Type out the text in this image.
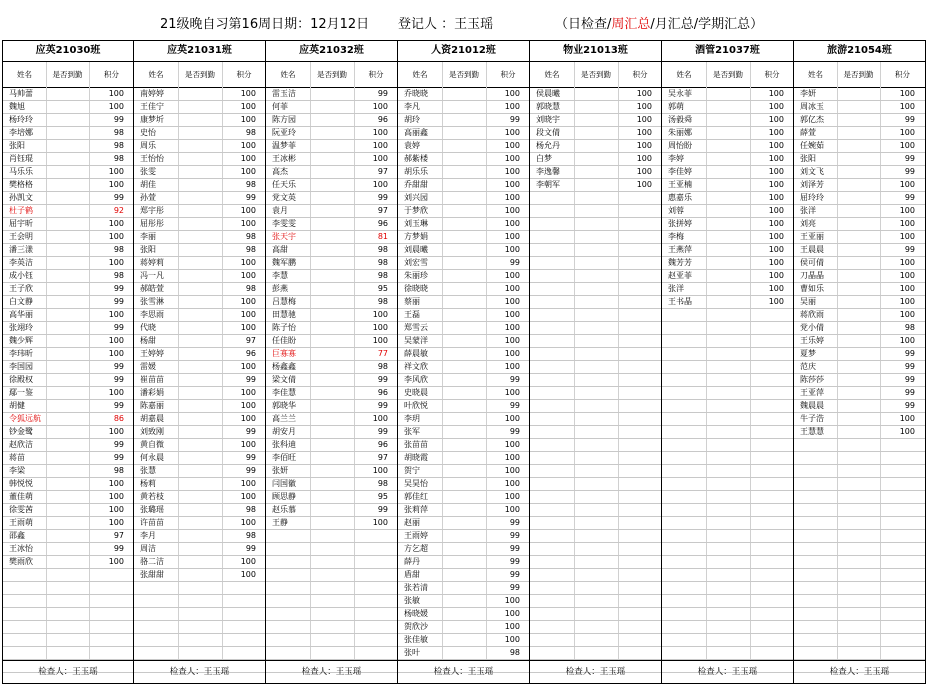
21级晚自习第16周日期：12月12日 登记人 ：王玉瑶	（日检查/周汇总/月汇总/学期汇总）
应英21030班
姓名	是否到勤	积分
马帅蕾	100
魏旭	100
杨玲玲	99
李培娜	98
张阳	98
肖钰琨	98
马乐乐	100
樊格格	100
孙凯文	99
杜子鹤	92
屈宇昕	100
王会明	100
潘三漾	98
李英洁	100
成小钰	98
王子欣	99
白文静	99
高华丽	100
张翊玲	99
魏少辉	100
李玮昕	100
李国园	99
徐殿权	99
鄢一鉴	100
胡健	99
令狐远航	86
钞金鹭	100
赵欣洁	99
蒋苗	99
李梁	98
韩悦悦	100
董佳萌	100
徐雯茜	100
王雨萌	100
邵鑫	97
王冰怡	99
樊雨欣	100
检查人：王玉瑶
应英21031班
姓名	是否到勤	积分
南婷婷	100
王佳宁	100
康梦圻	100
史怡	98
周乐	100
王怡怡	100
张雯	100
胡佳	98
孙萱	99
郑宇彤	100
屈彤彤	100
李丽	98
张阳	98
蒋婷莉	100
冯一凡	100
郝皓萱	98
张雪淋	100
李思雨	100
代晓	100
杨甜	97
王婷婷	96
雷媛	100
崔苗苗	99
潘彩娟	100
陈嘉丽	100
胡嘉晨	100
刘致刚	99
黄自微	100
何永晨	99
张慧	99
杨莉	100
黄若枝	100
张璐瑶	98
许苗苗	100
李月	98
周洁	99
骆二洁	100
张甜甜	100
检查人：王玉瑶
应英21032班
姓名	是否到勤	积分
雷玉洁	99
何菲	100
陈方园	96
阮亚玲	100
温梦菲	100
王冰彬	100
高杰	97
任天乐	100
党文英	99
袁月	97
李雯雯	96
张天宇	81
高甜	98
魏军鹏	98
李慧	98
彭燕	95
吕慧梅	98
田慧驰	100
陈子怡	100
任佳盼	100
巨寡寡	77
杨鑫鑫	98
梁文倩	99
李佳慧	96
郭晓华	99
高兰兰	100
胡安月	99
张科迪	96
李佰旺	97
张妍	100
闫国徽	98
顾思静	95
赵乐慕	99
王静	100
检查人：王玉瑶
人资21012班
姓名	是否到勤	积分
乔晓晓	100
李凡	100
胡玲	99
高丽鑫	100
袁婷	100
郝紫楼	100
胡乐乐	100
乔甜甜	100
刘兴园	100
于梦欣	100
刘玉琳	100
方梦娟	100
刘晨曦	100
刘宏雪	99
朱丽珍	100
徐晓晓	100
蔡丽	100
王磊	100
郑雪云	100
吴蒙洋	100
薛晨敏	100
祥文欣	100
李风欣	99
史晓晨	100
叶欣悦	99
李玥	100
张军	99
张苗苗	100
胡晓霞	100
贺宁	100
吴昊怡	100
郭佳红	100
张莉萍	100
赵丽	99
王雨婷	99
方乞超	99
薛丹	99
盾甜	99
张若清	99
张敏	100
杨晓媛	100
贺欣沙	100
张佳敏	100
张叶	98
检查人：王玉瑶
物业21013班
姓名	是否到勤	积分
侯晨曦	100
郭晓慧	100
刘晓宇	100
段文倩	100
杨允丹	100
白梦	100
李逸馨	100
李朝军	100
检查人：王玉瑶
酒管21037班
姓名	是否到勤	积分
吴永菲	100
郭萌	100
汤毅舜	100
朱丽娜	100
周怡盼	100
李婷	100
李佳婷	100
王亚楠	100
惠嘉乐	100
刘蓉	100
张拼婷	100
李梅	100
王燕萍	100
魏芳芳	100
赵亚菲	100
张洋	100
王书晶	100
检查人：王玉瑶
旅游21054班
姓名	是否到勤	积分
李妍	100
周冰玉	100
郭亿杰	99
薛萱	100
任婉茹	100
张阳	99
刘文飞	99
刘泽芳	100
屈玲玲	99
张洋	100
刘亮	100
王亚丽	100
王晨晨	99
侯可倩	100
刀晶晶	100
曹如乐	100
吴丽	100
蒋欣雨	100
党小倩	98
王乐婷	100
夏梦	99
范庆	99
陈莎莎	99
王亚萍	99
魏晨晨	99
牛子浩	100
王慧慧	100
检查人：王玉瑶
